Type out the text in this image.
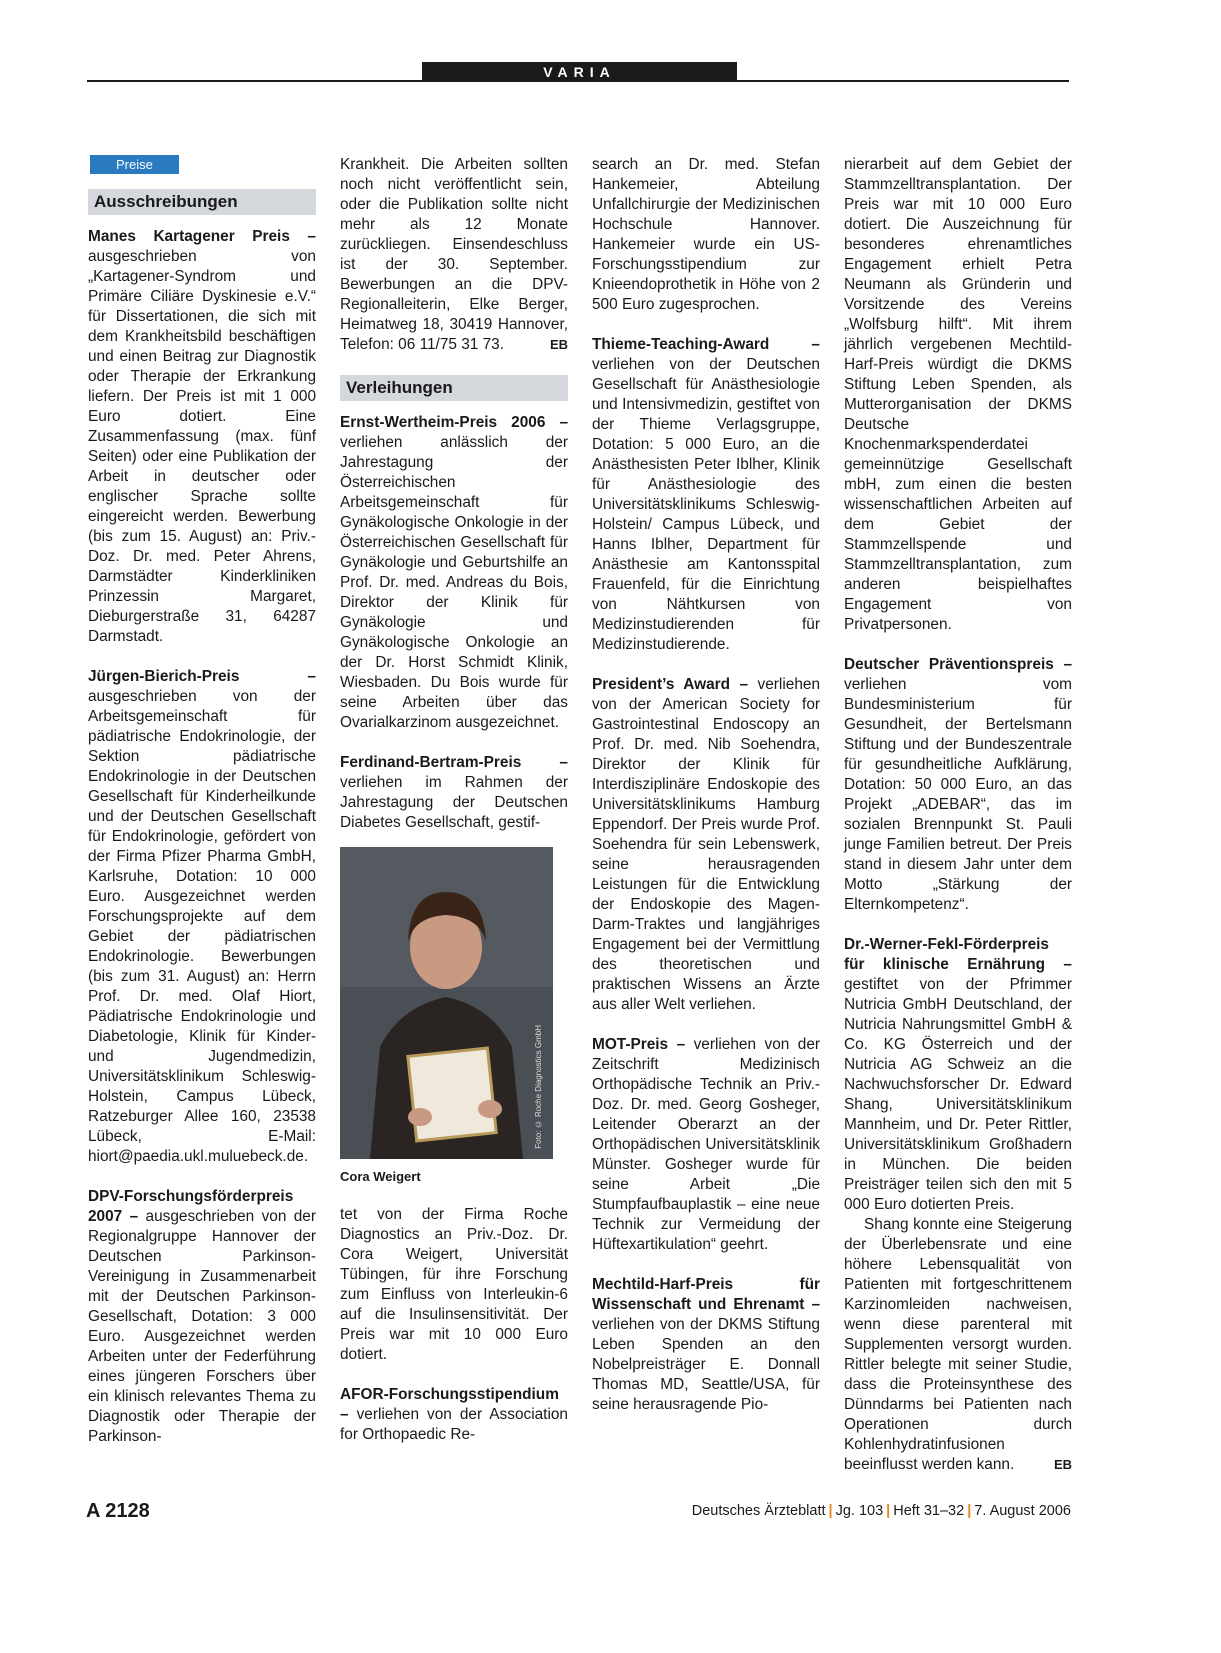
VARIA
Preise
Ausschreibungen

Manes Kartagener Preis – ausgeschrieben von „Kartagener-Syndrom und Primäre Ciliäre Dyskinesie e.V.“ für Dissertationen, die sich mit dem Krankheitsbild beschäftigen und einen Beitrag zur Diagnostik oder Therapie der Erkrankung liefern. Der Preis ist mit 1 000 Euro dotiert. Eine Zusammenfassung (max. fünf Seiten) oder eine Publikation der Arbeit in deutscher oder englischer Sprache sollte eingereicht werden. Bewerbung (bis zum 15. August) an: Priv.-Doz. Dr. med. Peter Ahrens, Darmstädter Kinderkliniken Prinzessin Margaret, Dieburgerstraße 31, 64287 Darmstadt.

Jürgen-Bierich-Preis – ausgeschrieben von der Arbeitsgemeinschaft für pädiatrische Endokrinologie, der Sektion pädiatrische Endokrinologie in der Deutschen Gesellschaft für Kinderheilkunde und der Deutschen Gesellschaft für Endokrinologie, gefördert von der Firma Pfizer Pharma GmbH, Karlsruhe, Dotation: 10 000 Euro. Ausgezeichnet werden Forschungsprojekte auf dem Gebiet der pädiatrischen Endokrinologie. Bewerbungen (bis zum 31. August) an: Herrn Prof. Dr. med. Olaf Hiort, Pädiatrische Endokrinologie und Diabetologie, Klinik für Kinder- und Jugendmedizin, Universitätsklinikum Schleswig-Holstein, Campus Lübeck, Ratzeburger Allee 160, 23538 Lübeck, E-Mail: hiort@paedia.ukl.muluebeck.de.

DPV-Forschungsförderpreis 2007 – ausgeschrieben von der Regionalgruppe Hannover der Deutschen Parkinson-Vereinigung in Zusammenarbeit mit der Deutschen Parkinson-Gesellschaft, Dotation: 3 000 Euro. Ausgezeichnet werden Arbeiten unter der Federführung eines jüngeren Forschers über ein klinisch relevantes Thema zu Diagnostik oder Therapie der Parkinson-

Krankheit. Die Arbeiten sollten noch nicht veröffentlicht sein, oder die Publikation sollte nicht mehr als 12 Monate zurückliegen. Einsendeschluss ist der 30. September. Bewerbungen an die DPV-Regionalleiterin, Elke Berger, Heimatweg 18, 30419 Hannover, Telefon: 06 11/75 31 73.	EB

Verleihungen

Ernst-Wertheim-Preis 2006 – verliehen anlässlich der Jahrestagung der Österreichischen Arbeitsgemeinschaft für Gynäkologische Onkologie in der Österreichischen Gesellschaft für Gynäkologie und Geburtshilfe an Prof. Dr. med. Andreas du Bois, Direktor der Klinik für Gynäkologie und Gynäkologische Onkologie an der Dr. Horst Schmidt Klinik, Wiesbaden. Du Bois wurde für seine Arbeiten über das Ovarialkarzinom ausgezeichnet.

Ferdinand-Bertram-Preis – verliehen im Rahmen der Jahrestagung der Deutschen Diabetes Gesellschaft, gestif-

Foto: © Roche Diagnostics GmbH
Cora Weigert

tet von der Firma Roche Diagnostics an Priv.-Doz. Dr. Cora Weigert, Universität Tübingen, für ihre Forschung zum Einfluss von Interleukin-6 auf die Insulinsensitivität. Der Preis war mit 10 000 Euro dotiert.

AFOR-Forschungsstipendium – verliehen von der Association for Orthopaedic Re-

search an Dr. med. Stefan Hankemeier, Abteilung Unfallchirurgie der Medizinischen Hochschule Hannover. Hankemeier wurde ein US-Forschungsstipendium zur Knieendoprothetik in Höhe von 2 500 Euro zugesprochen.

Thieme-Teaching-Award – verliehen von der Deutschen Gesellschaft für Anästhesiologie und Intensivmedizin, gestiftet von der Thieme Verlagsgruppe, Dotation: 5 000 Euro, an die Anästhesisten Peter Iblher, Klinik für Anästhesiologie des Universitätsklinikums Schleswig-Holstein/ Campus Lübeck, und Hanns Iblher, Department für Anästhesie am Kantonsspital Frauenfeld, für die Einrichtung von Nähtkursen von Medizinstudierenden für Medizinstudierende.

President’s Award – verliehen von der American Society for Gastrointestinal Endoscopy an Prof. Dr. med. Nib Soehendra, Direktor der Klinik für Interdisziplinäre Endoskopie des Universitätsklinikums Hamburg Eppendorf. Der Preis wurde Prof. Soehendra für sein Lebenswerk, seine herausragenden Leistungen für die Entwicklung der Endoskopie des Magen-Darm-Traktes und langjähriges Engagement bei der Vermittlung des theoretischen und praktischen Wissens an Ärzte aus aller Welt verliehen.

MOT-Preis – verliehen von der Zeitschrift Medizinisch Orthopädische Technik an Priv.-Doz. Dr. med. Georg Gosheger, Leitender Oberarzt an der Orthopädischen Universitätsklinik Münster. Gosheger wurde für seine Arbeit „Die Stumpfaufbauplastik – eine neue Technik zur Vermeidung der Hüftexartikulation“ geehrt.

Mechtild-Harf-Preis für Wissenschaft und Ehrenamt – verliehen von der DKMS Stiftung Leben Spenden an den Nobelpreisträger E. Donnall Thomas MD, Seattle/USA, für seine herausragende Pio-

nierarbeit auf dem Gebiet der Stammzelltransplantation. Der Preis war mit 10 000 Euro dotiert. Die Auszeichnung für besonderes ehrenamtliches Engagement erhielt Petra Neumann als Gründerin und Vorsitzende des Vereins „Wolfsburg hilft“. Mit ihrem jährlich vergebenen Mechtild-Harf-Preis würdigt die DKMS Stiftung Leben Spenden, als Mutterorganisation der DKMS Deutsche Knochenmarkspenderdatei gemeinnützige Gesellschaft mbH, zum einen die besten wissenschaftlichen Arbeiten auf dem Gebiet der Stammzellspende und Stammzelltransplantation, zum anderen beispielhaftes Engagement von Privatpersonen.

Deutscher Präventionspreis – verliehen vom Bundesministerium für Gesundheit, der Bertelsmann Stiftung und der Bundeszentrale für gesundheitliche Aufklärung, Dotation: 50 000 Euro, an das Projekt „ADEBAR“, das im sozialen Brennpunkt St. Pauli junge Familien betreut. Der Preis stand in diesem Jahr unter dem Motto „Stärkung der Elternkompetenz“.

Dr.-Werner-Fekl-Förderpreis für klinische Ernährung – gestiftet von der Pfrimmer Nutricia GmbH Deutschland, der Nutricia Nahrungsmittel GmbH & Co. KG Österreich und der Nutricia AG Schweiz an die Nachwuchsforscher Dr. Edward Shang, Universitätsklinikum Mannheim, und Dr. Peter Rittler, Universitätsklinikum Großhadern in München. Die beiden Preisträger teilen sich den mit 5 000 Euro dotierten Preis.

Shang konnte eine Steigerung der Überlebensrate und eine höhere Lebensqualität von Patienten mit fortgeschrittenem Karzinomleiden nachweisen, wenn diese parenteral mit Supplementen versorgt wurden. Rittler belegte mit seiner Studie, dass die Proteinsynthese des Dünndarms bei Patienten nach Operationen durch Kohlenhydratinfusionen beeinflusst werden kann.	EB

A 2128	Deutsches Ärzteblatt | Jg. 103 | Heft 31–32 | 7. August 2006
